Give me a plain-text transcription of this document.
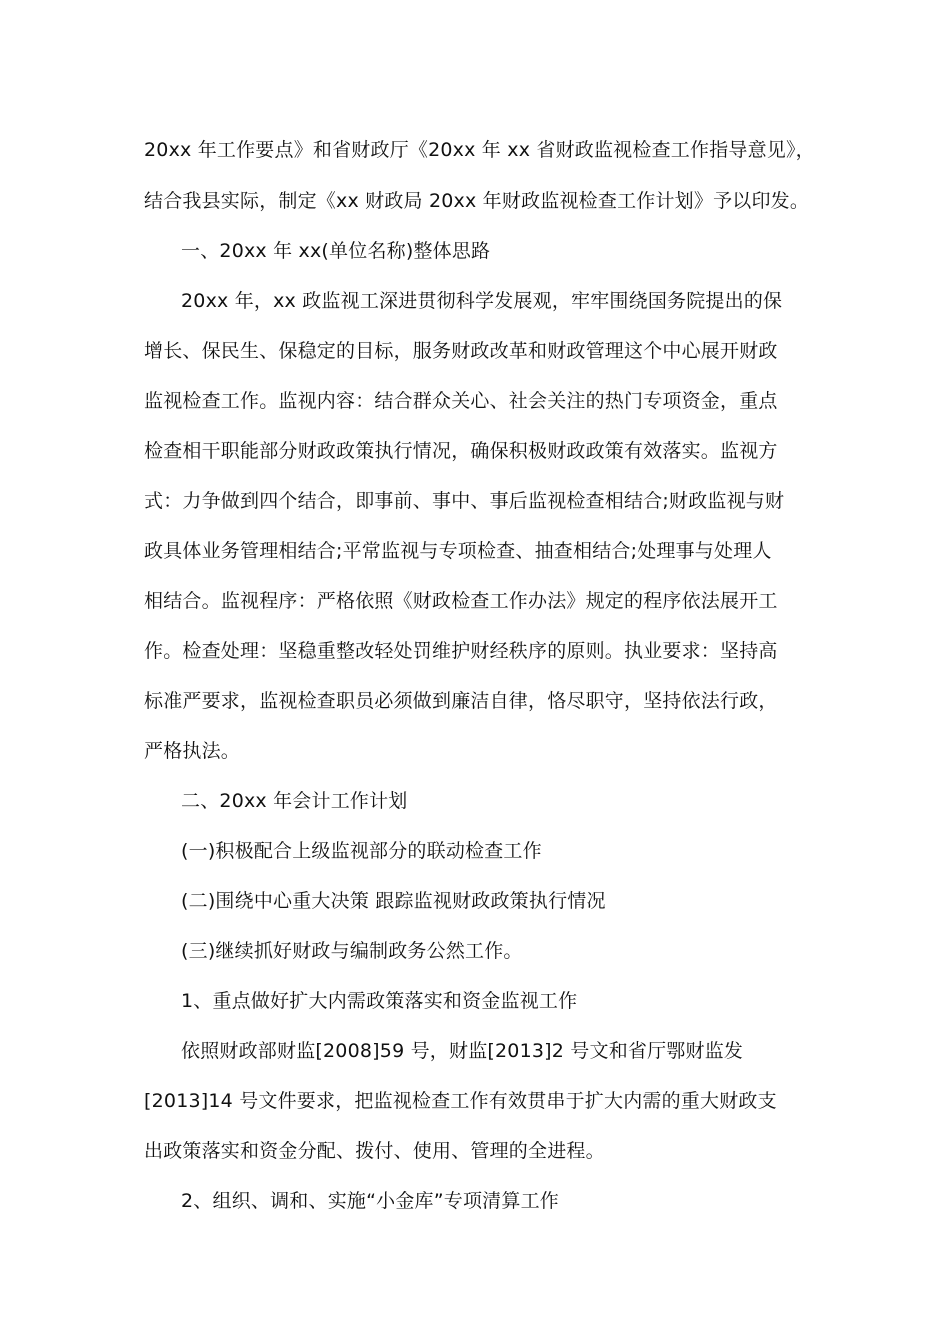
20xx 年工作要点》和省财政厅《20xx 年 xx 省财政监视检查工作指导意见》，
结合我县实际，制定《xx 财政局 20xx 年财政监视检查工作计划》予以印发。
一、20xx 年 xx(单位名称)整体思路
20xx 年，xx 政监视工深进贯彻科学发展观，牢牢围绕国务院提出的保
增长、保民生、保稳定的目标，服务财政改革和财政管理这个中心展开财政
监视检查工作。监视内容：结合群众关心、社会关注的热门专项资金，重点
检查相干职能部分财政政策执行情况，确保积极财政政策有效落实。监视方
式：力争做到四个结合，即事前、事中、事后监视检查相结合;财政监视与财
政具体业务管理相结合;平常监视与专项检查、抽查相结合;处理事与处理人
相结合。监视程序：严格依照《财政检查工作办法》规定的程序依法展开工
作。检查处理：坚稳重整改轻处罚维护财经秩序的原则。执业要求：坚持高
标准严要求，监视检查职员必须做到廉洁自律，恪尽职守，坚持依法行政，
严格执法。
二、20xx 年会计工作计划
(一)积极配合上级监视部分的联动检查工作
(二)围绕中心重大决策 跟踪监视财政政策执行情况
(三)继续抓好财政与编制政务公然工作。
1、重点做好扩大内需政策落实和资金监视工作
依照财政部财监[2008]59 号，财监[2013]2 号文和省厅鄂财监发
[2013]14 号文件要求，把监视检查工作有效贯串于扩大内需的重大财政支
出政策落实和资金分配、拨付、使用、管理的全进程。
2、组织、调和、实施“小金库”专项清算工作
